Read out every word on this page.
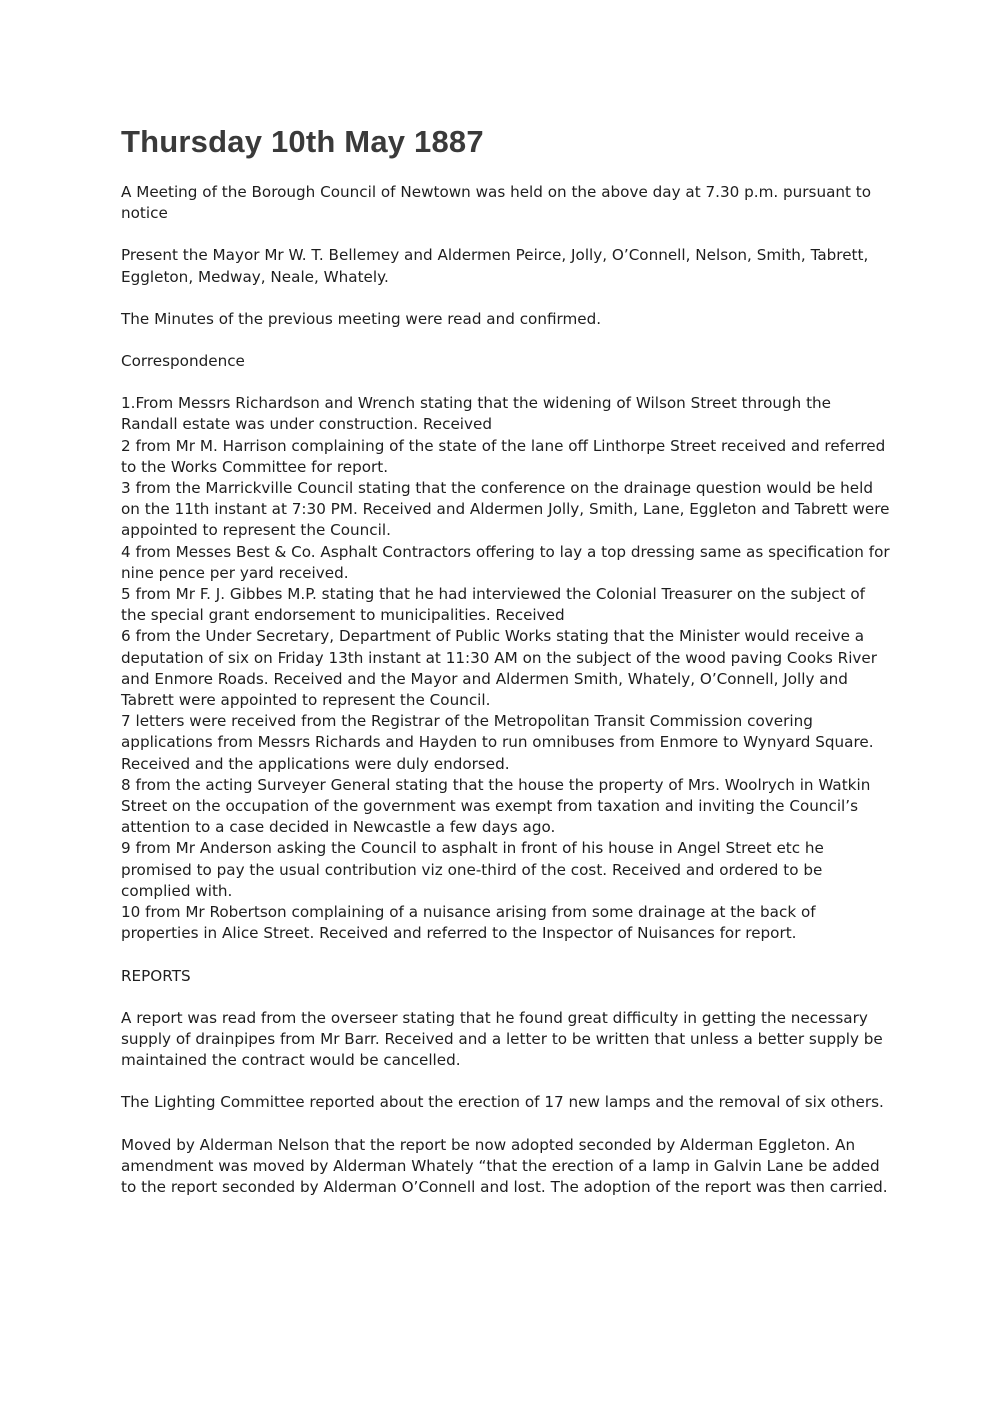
Thursday 10th May 1887

A Meeting of the Borough Council of Newtown was held on the above day at 7.30 p.m. pursuant to notice

Present the Mayor Mr W. T. Bellemey and Aldermen Peirce, Jolly, O’Connell, Nelson, Smith, Tabrett, Eggleton, Medway, Neale, Whately.

The Minutes of the previous meeting were read and confirmed.

Correspondence

1.From Messrs Richardson and Wrench stating that the widening of Wilson Street through the Randall estate was under construction. Received

2 from Mr M. Harrison complaining of the state of the lane off Linthorpe Street received and referred to the Works Committee for report.

3 from the Marrickville Council stating that the conference on the drainage question would be held on the 11th instant at 7:30 PM. Received and Aldermen Jolly, Smith, Lane, Eggleton and Tabrett were appointed to represent the Council.

4 from Messes Best & Co. Asphalt Contractors offering to lay a top dressing same as specification for nine pence per yard received.

5 from Mr F. J. Gibbes M.P. stating that he had interviewed the Colonial Treasurer on the subject of the special grant endorsement to municipalities. Received

6 from the Under Secretary, Department of Public Works stating that the Minister would receive a deputation of six on Friday 13th instant at 11:30 AM on the subject of the wood paving Cooks River and Enmore Roads. Received and the Mayor and Aldermen Smith, Whately, O’Connell, Jolly and Tabrett were appointed to represent the Council.

7 letters were received from the Registrar of the Metropolitan Transit Commission covering applications from Messrs Richards and Hayden to run omnibuses from Enmore to Wynyard Square. Received and the applications were duly endorsed.

8 from the acting Surveyer General stating that the house the property of Mrs. Woolrych in Watkin Street on the occupation of the government was exempt from taxation and inviting the Council’s attention to a case decided in Newcastle a few days ago.

9 from Mr Anderson asking the Council to asphalt in front of his house in Angel Street etc he promised to pay the usual contribution viz one-third of the cost. Received and ordered to be complied with.

10 from Mr Robertson complaining of a nuisance arising from some drainage at the back of properties in Alice Street. Received and referred to the Inspector of Nuisances for report.

REPORTS

A report was read from the overseer stating that he found great difficulty in getting the necessary supply of drainpipes from Mr Barr. Received and a letter to be written that unless a better supply be maintained the contract would be cancelled.

The Lighting Committee reported about the erection of 17 new lamps and the removal of six others.

Moved by Alderman Nelson that the report be now adopted seconded by Alderman Eggleton. An amendment was moved by Alderman Whately “that the erection of a lamp in Galvin Lane be added to the report seconded by Alderman O’Connell and lost. The adoption of the report was then carried.
